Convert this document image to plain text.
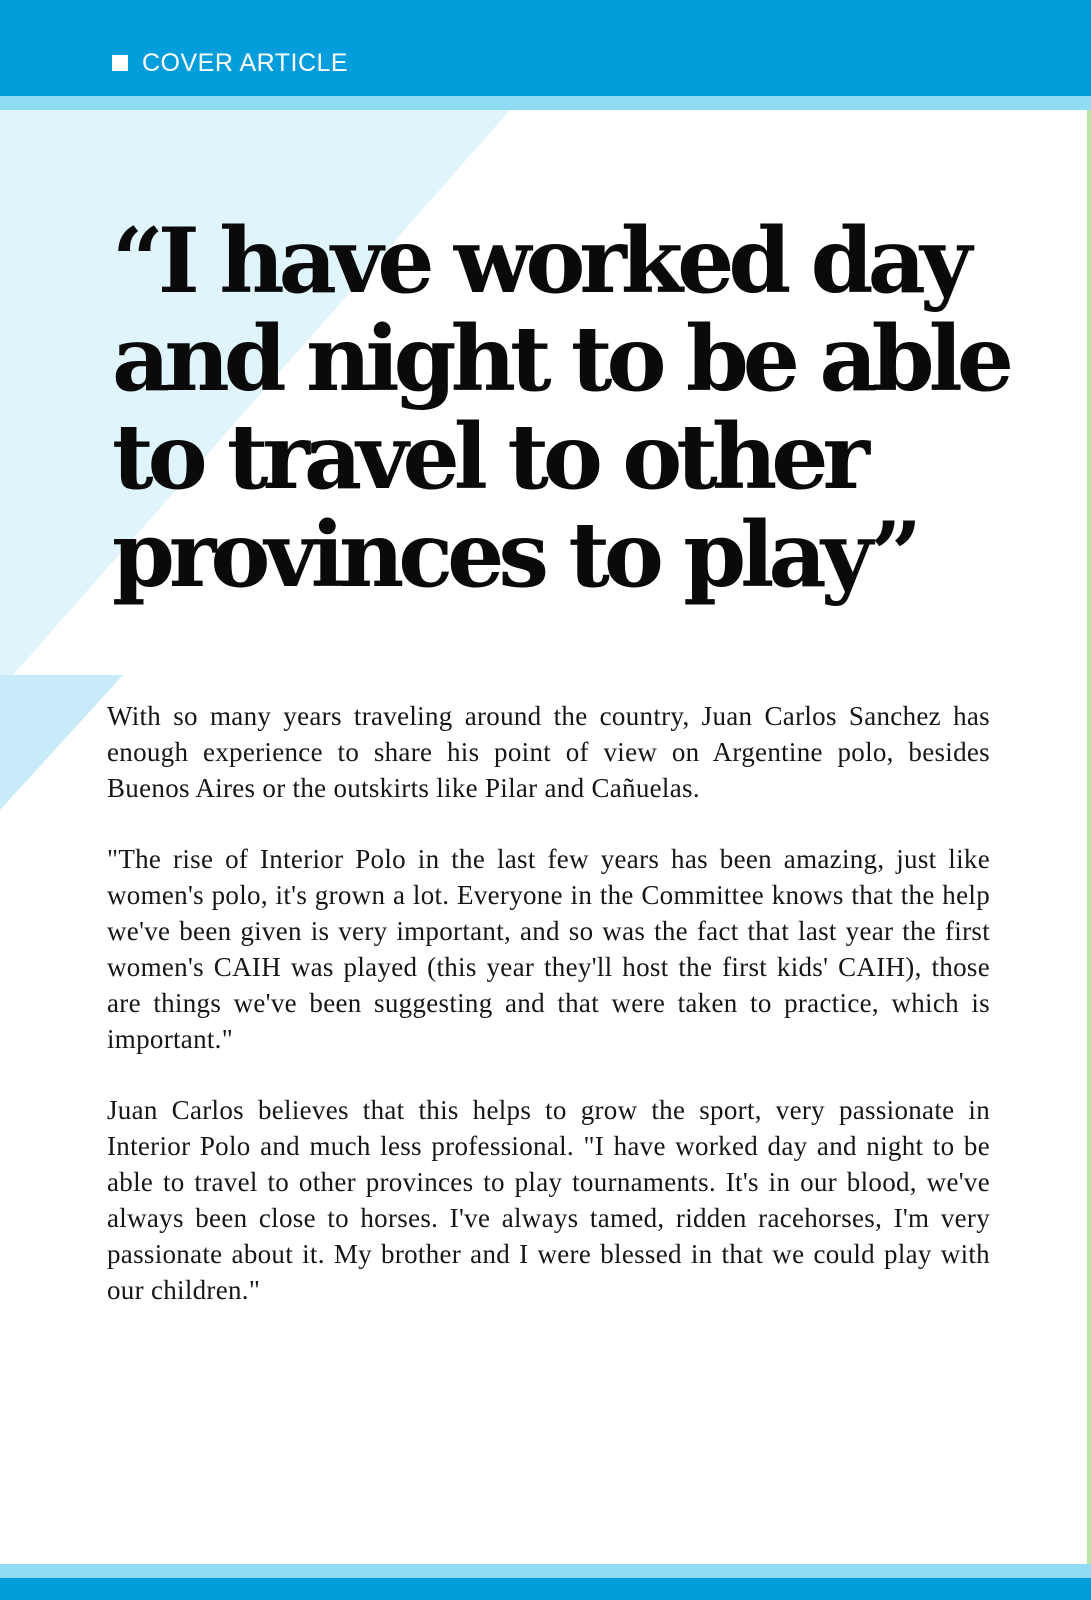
COVER ARTICLE
“I have worked day and night to be able to travel to other provinces to play”

With so many years traveling around the country, Juan Carlos Sanchez has enough experience to share his point of view on Argentine polo, besides Buenos Aires or the outskirts like Pilar and Cañuelas.

"The rise of Interior Polo in the last few years has been amazing, just like women's polo, it's grown a lot. Everyone in the Committee knows that the help we've been given is very important, and so was the fact that last year the first women's CAIH was played (this year they'll host the first kids' CAIH), those are things we've been suggesting and that were taken to practice, which is important."

Juan Carlos believes that this helps to grow the sport, very passionate in Interior Polo and much less professional. "I have worked day and night to be able to travel to other provinces to play tournaments. It's in our blood, we've always been close to horses. I've always tamed, ridden racehorses, I'm very passionate about it. My brother and I were blessed in that we could play with our children."
